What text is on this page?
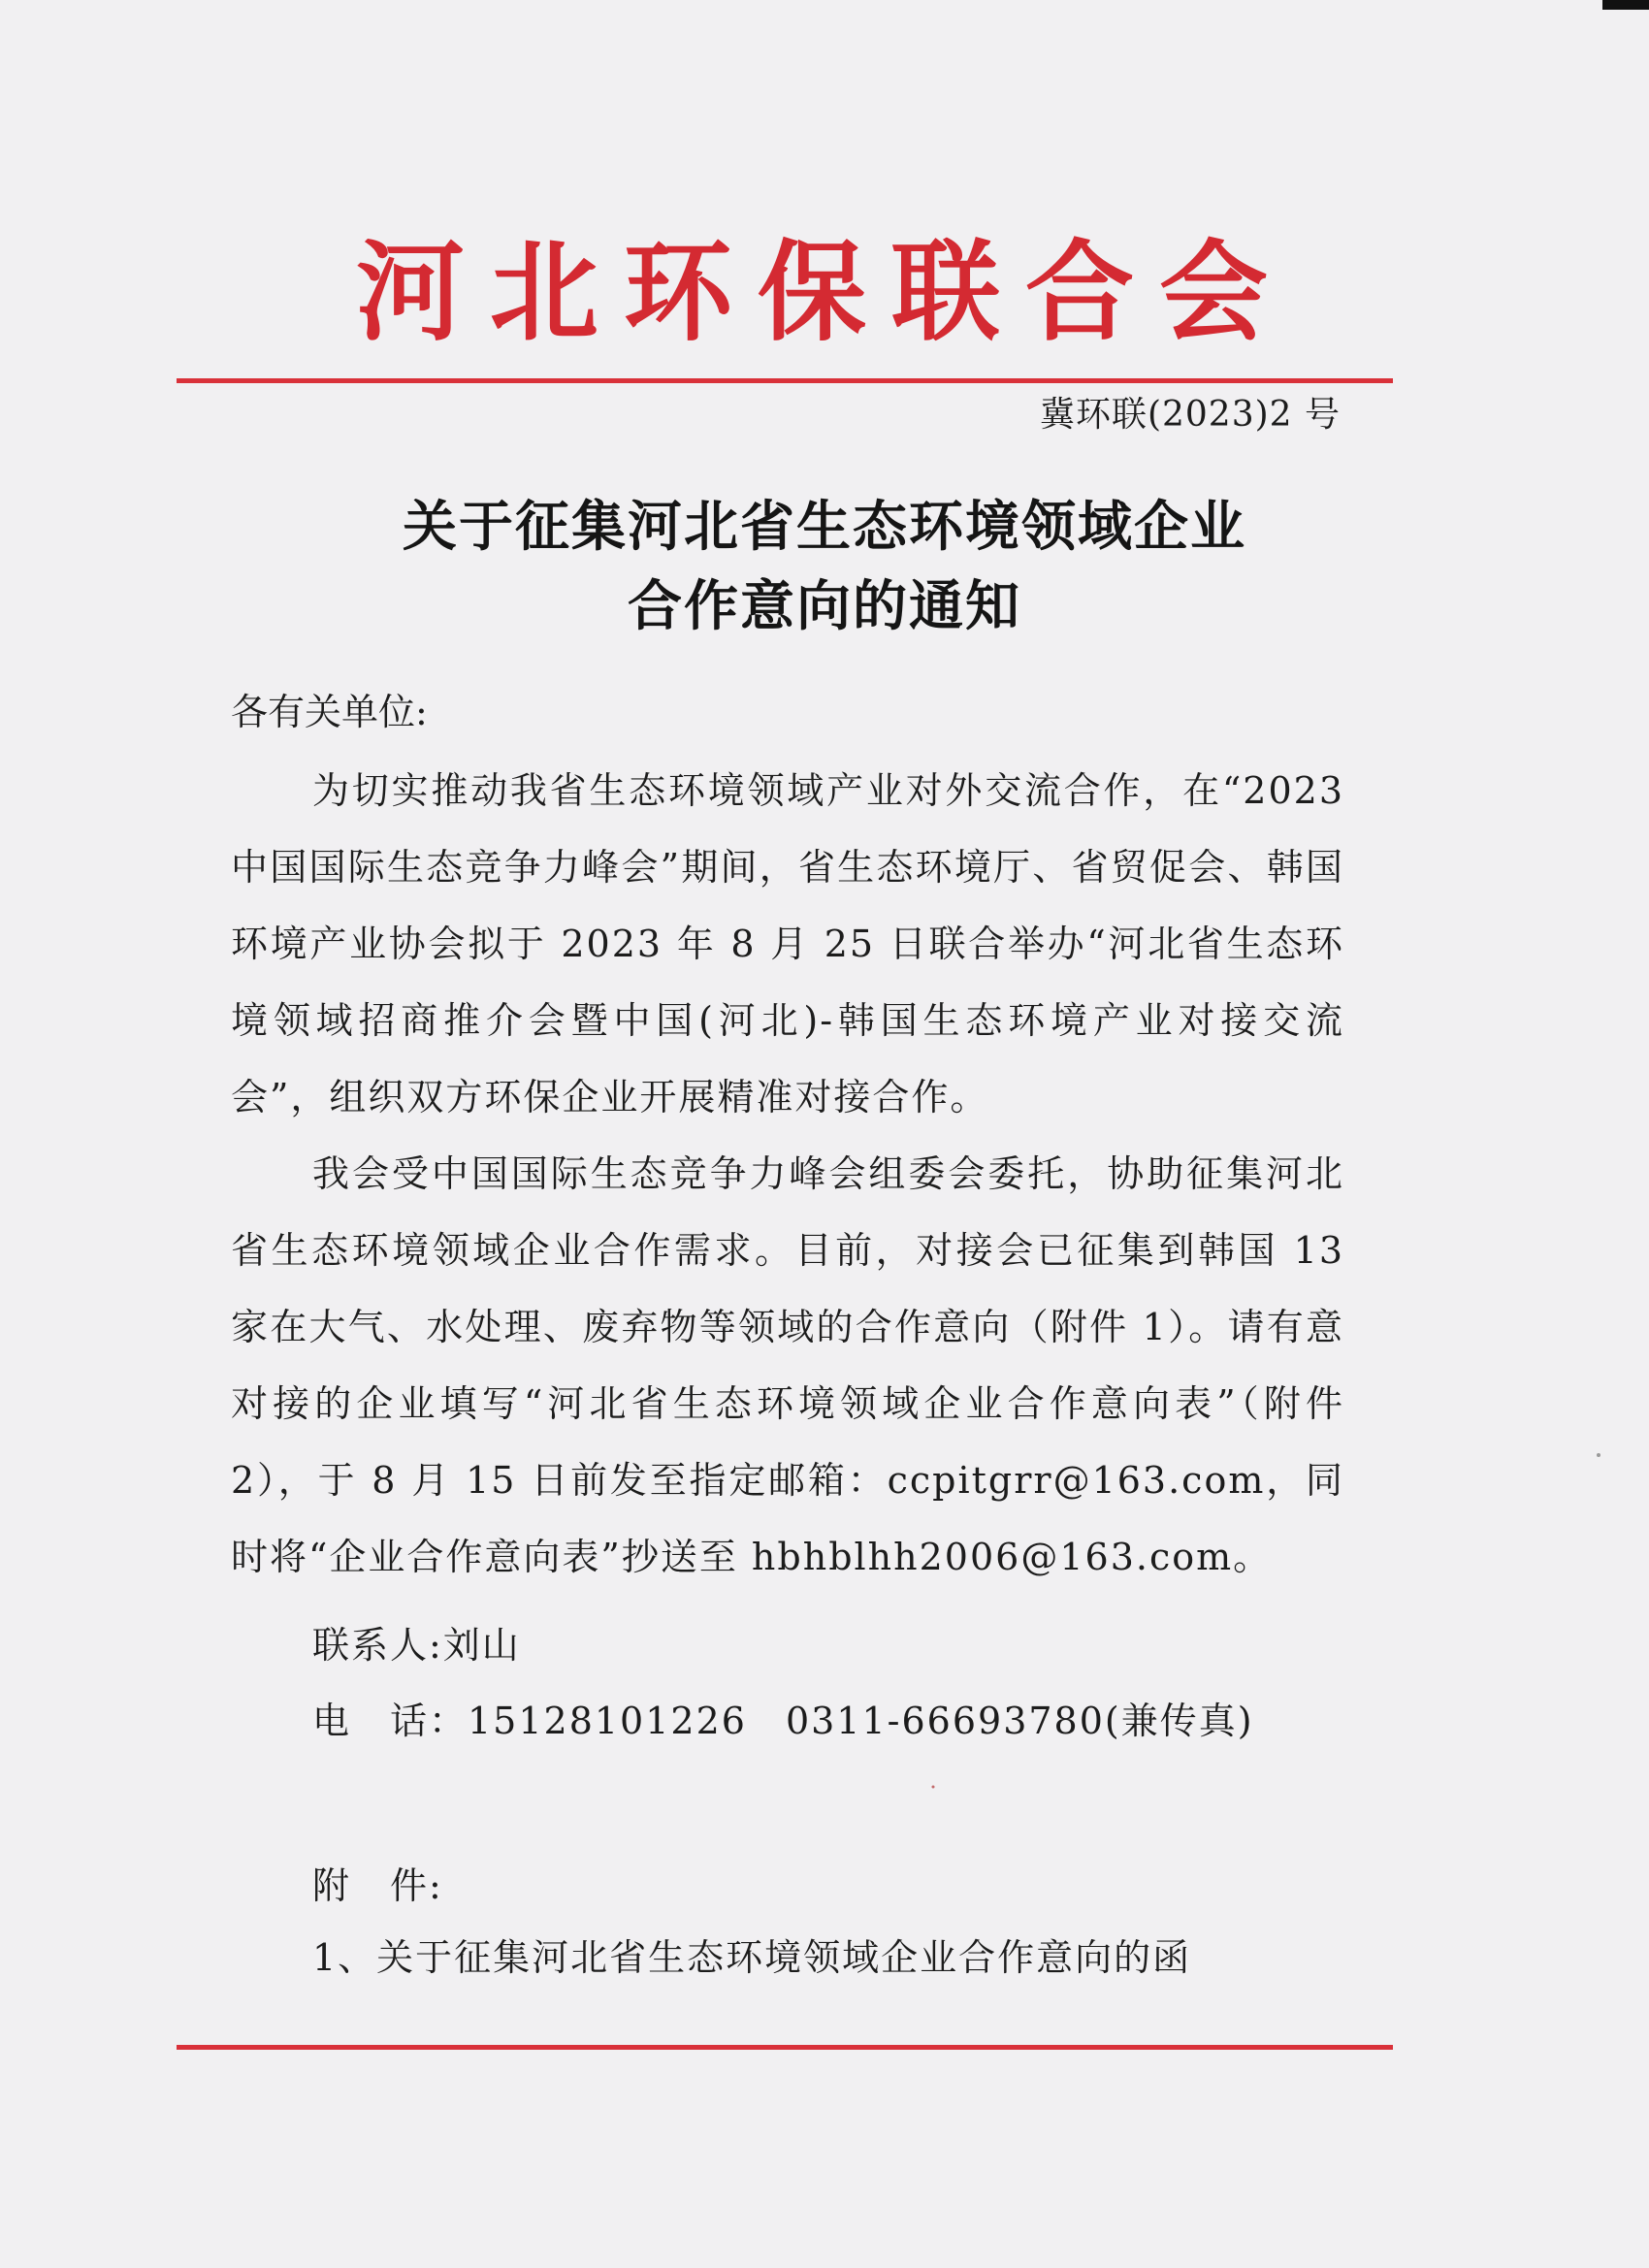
河北环保联合会
冀环联(2023)2 号
关于征集河北省生态环境领域企业
合作意向的通知
各有关单位:

为切实推动我省生态环境领域产业对外交流合作，在“2023中国国际生态竞争力峰会”期间，省生态环境厅、省贸促会、韩国环境产业协会拟于 2023 年 8 月 25 日联合举办“河北省生态环境领域招商推介会暨中国(河北)-韩国生态环境产业对接交流会”，组织双方环保企业开展精准对接合作。

我会受中国国际生态竞争力峰会组委会委托，协助征集河北省生态环境领域企业合作需求。目前，对接会已征集到韩国 13 家在大气、水处理、废弃物等领域的合作意向（附件 1）。请有意对接的企业填写“河北省生态环境领域企业合作意向表”（附件 2），于 8 月 15 日前发至指定邮箱：ccpitgrr@163.com，同时将“企业合作意向表”抄送至 hbhblhh2006@163.com。

联系人:刘山
电　话：15128101226　0311-66693780(兼传真)
附　件:
1、关于征集河北省生态环境领域企业合作意向的函
